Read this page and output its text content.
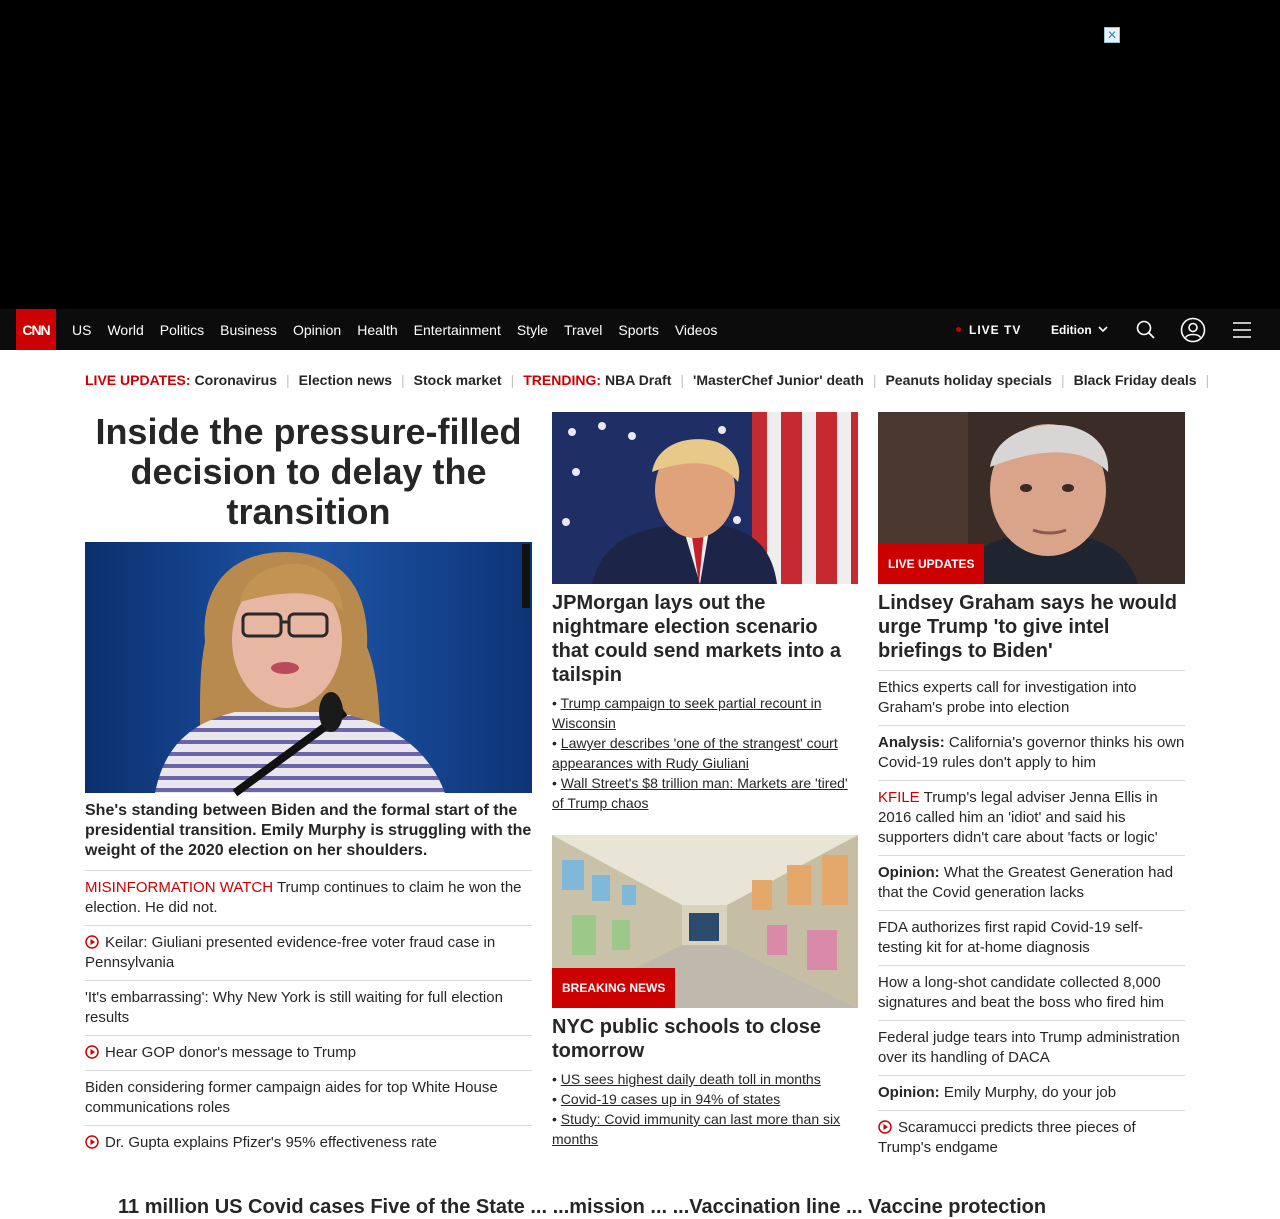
✕
CNN	US World Politics Business Opinion Health Entertainment Style Travel Sports Videos	LIVE TV Edition
LIVE UPDATES: Coronavirus | Election news | Stock market | TRENDING: NBA Draft | 'MasterChef Junior' death | Peanuts holiday specials | Black Friday deals |
Inside the pressure-filled decision to delay the transition
She's standing between Biden and the formal start of the presidential transition. Emily Murphy is struggling with the weight of the 2020 election on her shoulders.
MISINFORMATION WATCH Trump continues to claim he won the election. He did not.
Keilar: Giuliani presented evidence-free voter fraud case in Pennsylvania
'It's embarrassing': Why New York is still waiting for full election results
Hear GOP donor's message to Trump
Biden considering former campaign aides for top White House communications roles
Dr. Gupta explains Pfizer's 95% effectiveness rate
JPMorgan lays out the nightmare election scenario that could send markets into a tailspin
• Trump campaign to seek partial recount in Wisconsin
• Lawyer describes 'one of the strangest' court appearances with Rudy Giuliani
• Wall Street's $8 trillion man: Markets are 'tired' of Trump chaos
BREAKING NEWS
NYC public schools to close tomorrow
• US sees highest daily death toll in months
• Covid-19 cases up in 94% of states
• Study: Covid immunity can last more than six months
LIVE UPDATES
Lindsey Graham says he would urge Trump 'to give intel briefings to Biden'
Ethics experts call for investigation into Graham's probe into election
Analysis: California's governor thinks his own Covid-19 rules don't apply to him
KFILE Trump's legal adviser Jenna Ellis in 2016 called him an 'idiot' and said his supporters didn't care about 'facts or logic'
Opinion: What the Greatest Generation had that the Covid generation lacks
FDA authorizes first rapid Covid-19 self-testing kit for at-home diagnosis
How a long-shot candidate collected 8,000 signatures and beat the boss who fired him
Federal judge tears into Trump administration over its handling of DACA
Opinion: Emily Murphy, do your job
Scaramucci predicts three pieces of Trump's endgame
11 million US Covid cases Five of the State ... ...mission ... ...Vaccination line ... Vaccine protection
